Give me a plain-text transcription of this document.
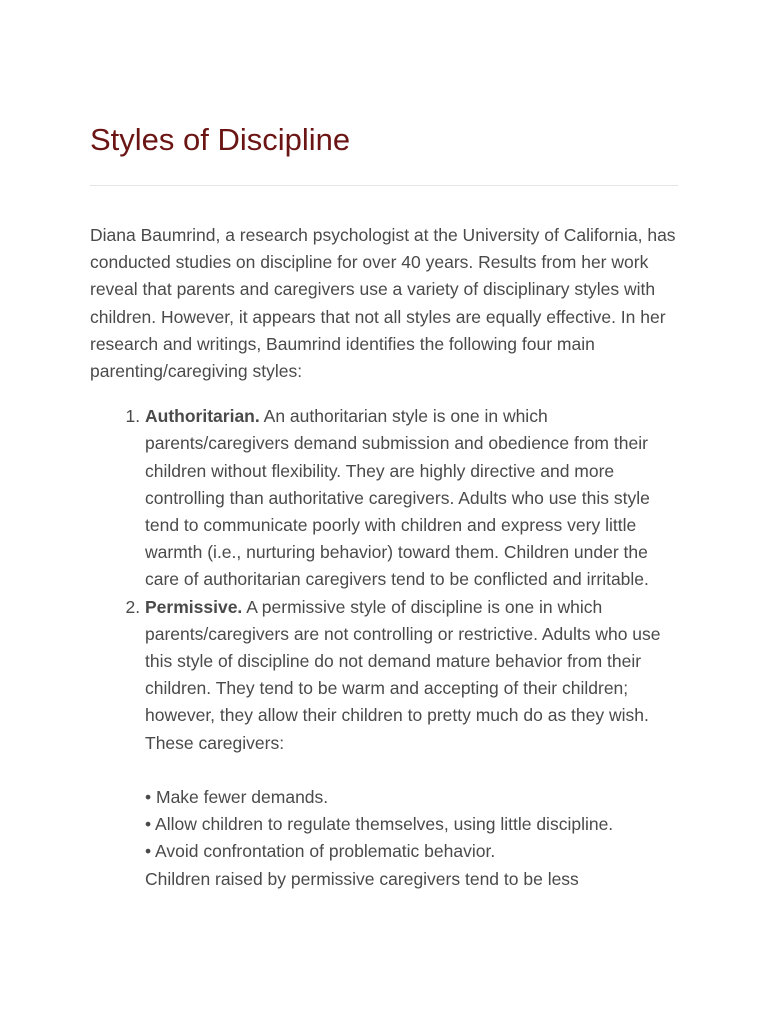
Styles of Discipline

Diana Baumrind, a research psychologist at the University of California, has conducted studies on discipline for over 40 years. Results from her work reveal that parents and caregivers use a variety of disciplinary styles with children. However, it appears that not all styles are equally effective. In her research and writings, Baumrind identifies the following four main parenting/caregiving styles:

1. Authoritarian. An authoritarian style is one in which parents/caregivers demand submission and obedience from their children without flexibility. They are highly directive and more controlling than authoritative caregivers. Adults who use this style tend to communicate poorly with children and express very little warmth (i.e., nurturing behavior) toward them. Children under the care of authoritarian caregivers tend to be conflicted and irritable.
2. Permissive. A permissive style of discipline is one in which parents/caregivers are not controlling or restrictive. Adults who use this style of discipline do not demand mature behavior from their children. They tend to be warm and accepting of their children; however, they allow their children to pretty much do as they wish. These caregivers:
• Make fewer demands.
• Allow children to regulate themselves, using little discipline.
• Avoid confrontation of problematic behavior.
Children raised by permissive caregivers tend to be less
